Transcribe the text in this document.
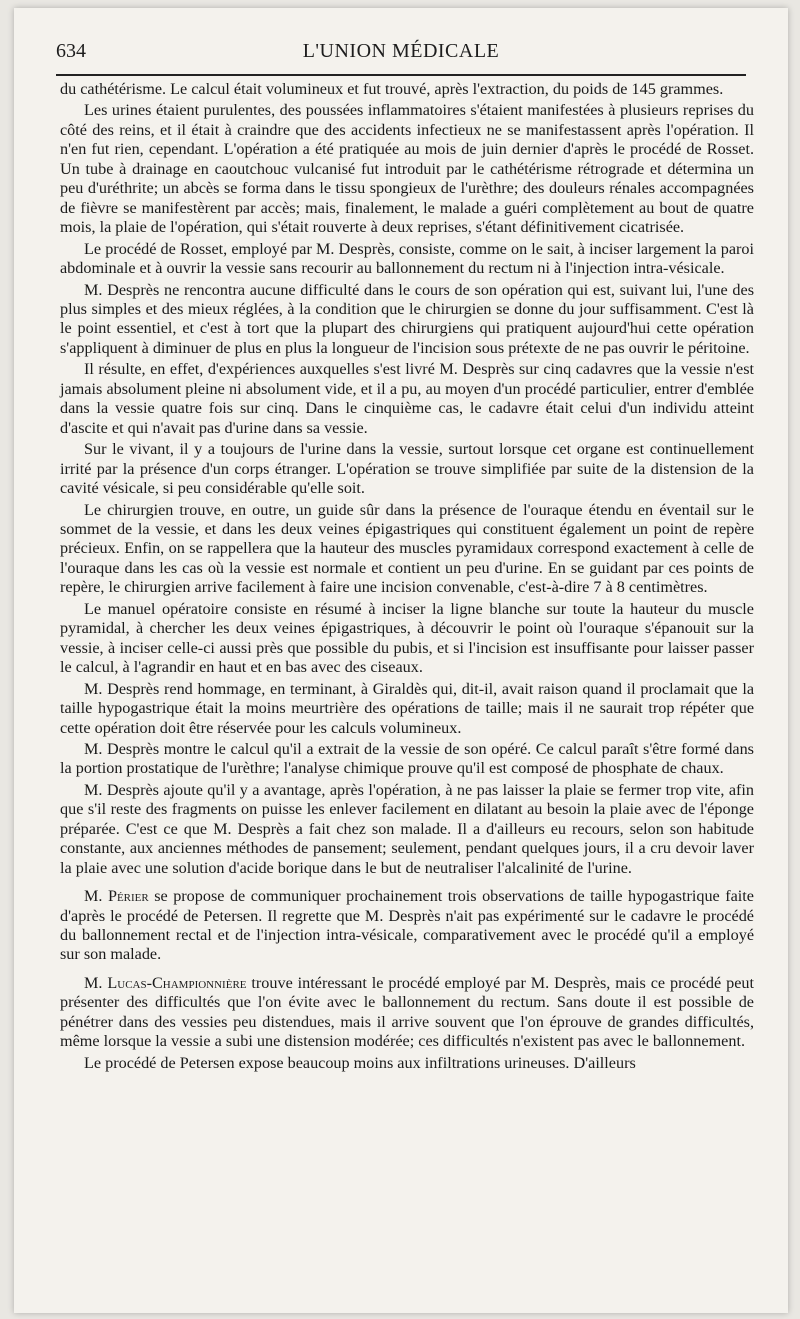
634	L'UNION MÉDICALE

du cathétérisme. Le calcul était volumineux et fut trouvé, après l'extraction, du poids de 145 grammes.

Les urines étaient purulentes, des poussées inflammatoires s'étaient manifestées à plusieurs reprises du côté des reins, et il était à craindre que des accidents infectieux ne se manifestassent après l'opération. Il n'en fut rien, cependant. L'opération a été pratiquée au mois de juin dernier d'après le procédé de Rosset. Un tube à drainage en caoutchouc vulcanisé fut introduit par le cathétérisme rétrograde et détermina un peu d'uréthrite; un abcès se forma dans le tissu spongieux de l'urèthre; des douleurs rénales accompagnées de fièvre se manifestèrent par accès; mais, finalement, le malade a guéri complètement au bout de quatre mois, la plaie de l'opération, qui s'était rouverte à deux reprises, s'étant définitivement cicatrisée.

Le procédé de Rosset, employé par M. Desprès, consiste, comme on le sait, à inciser largement la paroi abdominale et à ouvrir la vessie sans recourir au ballonnement du rectum ni à l'injection intra-vésicale.

M. Desprès ne rencontra aucune difficulté dans le cours de son opération qui est, suivant lui, l'une des plus simples et des mieux réglées, à la condition que le chirurgien se donne du jour suffisamment. C'est là le point essentiel, et c'est à tort que la plupart des chirurgiens qui pratiquent aujourd'hui cette opération s'appliquent à diminuer de plus en plus la longueur de l'incision sous prétexte de ne pas ouvrir le péritoine.

Il résulte, en effet, d'expériences auxquelles s'est livré M. Desprès sur cinq cadavres que la vessie n'est jamais absolument pleine ni absolument vide, et il a pu, au moyen d'un procédé particulier, entrer d'emblée dans la vessie quatre fois sur cinq. Dans le cinquième cas, le cadavre était celui d'un individu atteint d'ascite et qui n'avait pas d'urine dans sa vessie.

Sur le vivant, il y a toujours de l'urine dans la vessie, surtout lorsque cet organe est continuellement irrité par la présence d'un corps étranger. L'opération se trouve simplifiée par suite de la distension de la cavité vésicale, si peu considérable qu'elle soit.

Le chirurgien trouve, en outre, un guide sûr dans la présence de l'ouraque étendu en éventail sur le sommet de la vessie, et dans les deux veines épigastriques qui constituent également un point de repère précieux. Enfin, on se rappellera que la hauteur des muscles pyramidaux correspond exactement à celle de l'ouraque dans les cas où la vessie est normale et contient un peu d'urine. En se guidant par ces points de repère, le chirurgien arrive facilement à faire une incision convenable, c'est-à-dire 7 à 8 centimètres.

Le manuel opératoire consiste en résumé à inciser la ligne blanche sur toute la hauteur du muscle pyramidal, à chercher les deux veines épigastriques, à découvrir le point où l'ouraque s'épanouit sur la vessie, à inciser celle-ci aussi près que possible du pubis, et si l'incision est insuffisante pour laisser passer le calcul, à l'agrandir en haut et en bas avec des ciseaux.

M. Desprès rend hommage, en terminant, à Giraldès qui, dit-il, avait raison quand il proclamait que la taille hypogastrique était la moins meurtrière des opérations de taille; mais il ne saurait trop répéter que cette opération doit être réservée pour les calculs volumineux.

M. Desprès montre le calcul qu'il a extrait de la vessie de son opéré. Ce calcul paraît s'être formé dans la portion prostatique de l'urèthre; l'analyse chimique prouve qu'il est composé de phosphate de chaux.

M. Desprès ajoute qu'il y a avantage, après l'opération, à ne pas laisser la plaie se fermer trop vite, afin que s'il reste des fragments on puisse les enlever facilement en dilatant au besoin la plaie avec de l'éponge préparée. C'est ce que M. Desprès a fait chez son malade. Il a d'ailleurs eu recours, selon son habitude constante, aux anciennes méthodes de pansement; seulement, pendant quelques jours, il a cru devoir laver la plaie avec une solution d'acide borique dans le but de neutraliser l'alcalinité de l'urine.

M. Périer se propose de communiquer prochainement trois observations de taille hypogastrique faite d'après le procédé de Petersen. Il regrette que M. Desprès n'ait pas expérimenté sur le cadavre le procédé du ballonnement rectal et de l'injection intra-vésicale, comparativement avec le procédé qu'il a employé sur son malade.

M. Lucas-Championnière trouve intéressant le procédé employé par M. Desprès, mais ce procédé peut présenter des difficultés que l'on évite avec le ballonnement du rectum. Sans doute il est possible de pénétrer dans des vessies peu distendues, mais il arrive souvent que l'on éprouve de grandes difficultés, même lorsque la vessie a subi une distension modérée; ces difficultés n'existent pas avec le ballonnement.

Le procédé de Petersen expose beaucoup moins aux infiltrations urineuses. D'ailleurs
